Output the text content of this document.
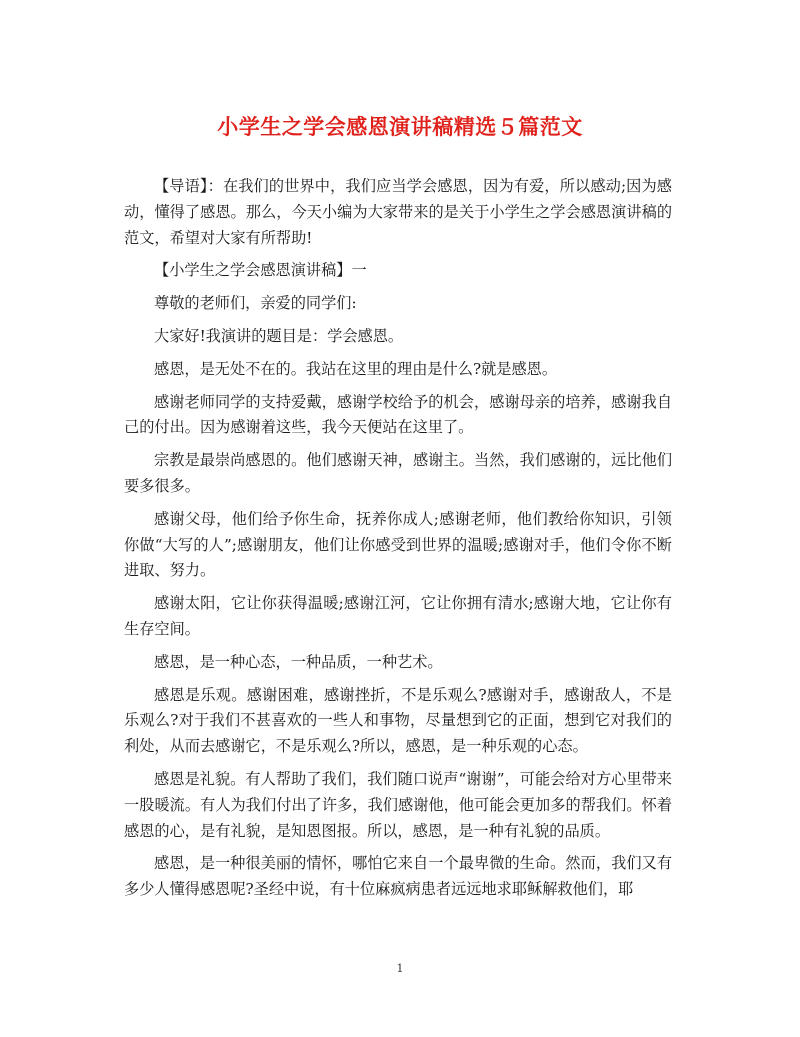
小学生之学会感恩演讲稿精选５篇范文

【导语】：在我们的世界中，我们应当学会感恩，因为有爱，所以感动;因为感动，懂得了感恩。那么，今天小编为大家带来的是关于小学生之学会感恩演讲稿的范文，希望对大家有所帮助!

【小学生之学会感恩演讲稿】一

尊敬的老师们，亲爱的同学们:

大家好!我演讲的题目是：学会感恩。

感恩，是无处不在的。我站在这里的理由是什么?就是感恩。

感谢老师同学的支持爱戴，感谢学校给予的机会，感谢母亲的培养，感谢我自己的付出。因为感谢着这些，我今天便站在这里了。

宗教是最崇尚感恩的。他们感谢天神，感谢主。当然，我们感谢的，远比他们要多很多。

感谢父母，他们给予你生命，抚养你成人;感谢老师，他们教给你知识，引领你做“大写的人”;感谢朋友，他们让你感受到世界的温暖;感谢对手，他们令你不断进取、努力。

感谢太阳，它让你获得温暖;感谢江河，它让你拥有清水;感谢大地，它让你有生存空间。

感恩，是一种心态，一种品质，一种艺术。

感恩是乐观。感谢困难，感谢挫折，不是乐观么?感谢对手，感谢敌人，不是乐观么?对于我们不甚喜欢的一些人和事物，尽量想到它的正面，想到它对我们的利处，从而去感谢它，不是乐观么?所以，感恩，是一种乐观的心态。

感恩是礼貌。有人帮助了我们，我们随口说声“谢谢”，可能会给对方心里带来一股暖流。有人为我们付出了许多，我们感谢他，他可能会更加多的帮我们。怀着感恩的心，是有礼貌，是知恩图报。所以，感恩，是一种有礼貌的品质。

感恩，是一种很美丽的情怀，哪怕它来自一个最卑微的生命。然而，我们又有多少人懂得感恩呢?圣经中说，有十位麻疯病患者远远地求耶稣解救他们，耶

1
